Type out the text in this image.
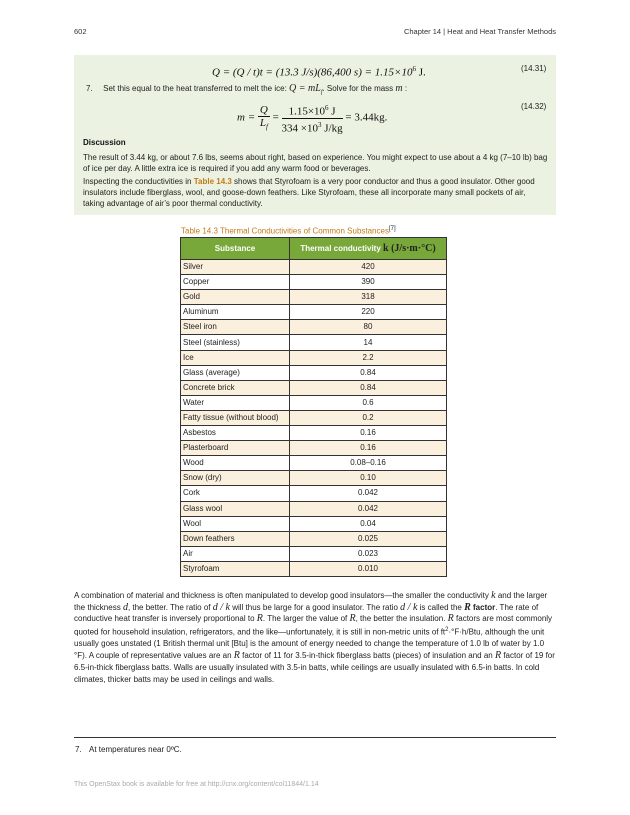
602	Chapter 14 | Heat and Heat Transfer Methods
Q = (Q / t)t = (13.3 J/s)(86,400 $s) = 1.15\times 10^6$ J.	(14.31)
7. Set this equal to the heat transferred to melt the ice: $Q = mL_f$. Solve for the mass m :
$m = \frac{Q}{L_f} = \frac{1.15\times 10^6 J}{334 \times 10^3 J/kg} = 3.44kg$.
(14.32)
Discussion
The result of 3.44 kg, or about 7.6 lbs, seems about right, based on experience. You might expect to use about a 4 kg (7–10 lb) bag of ice per day. A little extra ice is required if you add any warm food or beverages.
Inspecting the conductivities in Table 14.3 shows that Styrofoam is a very poor conductor and thus a good insulator. Other good insulators include fiberglass, wool, and goose-down feathers. Like Styrofoam, these all incorporate many small pockets of air, taking advantage of air’s poor thermal conductivity.
Table 14.3 Thermal Conductivities of Common Substances[7]
Substance	Thermal conductivity k (J/s·m·°C)
Silver	420
Copper	390
Gold	318
Aluminum	220
Steel iron	80
Steel (stainless)	14
Ice	2.2
Glass (average)	0.84
Concrete brick	0.84
Water	0.6
Fatty tissue (without blood)	0.2
Asbestos	0.16
Plasterboard	0.16
Wood	0.08–0.16
Snow (dry)	0.10
Cork	0.042
Glass wool	0.042
Wool	0.04
Down feathers	0.025
Air	0.023
Styrofoam	0.010
A combination of material and thickness is often manipulated to develop good insulators—the smaller the conductivity k and the larger the thickness d, the better. The ratio of d / k will thus be large for a good insulator. The ratio d / k is called the R factor. The rate of conductive heat transfer is inversely proportional to R. The larger the value of R, the better the insulation. R factors are most commonly quoted for household insulation, refrigerators, and the like—unfortunately, it is still in non-metric units of $ft^2\cdot^\circ F\cdot h$/Btu, although the unit usually goes unstated (1 British thermal unit [Btu] is the amount of energy needed to change the temperature of 1.0 lb of water by 1.0 °F). A couple of representative values are an R factor of 11 for 3.5-in-thick fiberglass batts (pieces) of insulation and an R factor of 19 for 6.5-in-thick fiberglass batts. Walls are usually insulated with 3.5-in batts, while ceilings are usually insulated with 6.5-in batts. In cold climates, thicker batts may be used in ceilings and walls.
7. At temperatures near 0ºC.
This OpenStax book is available for free at http://cnx.org/content/col11844/1.14
